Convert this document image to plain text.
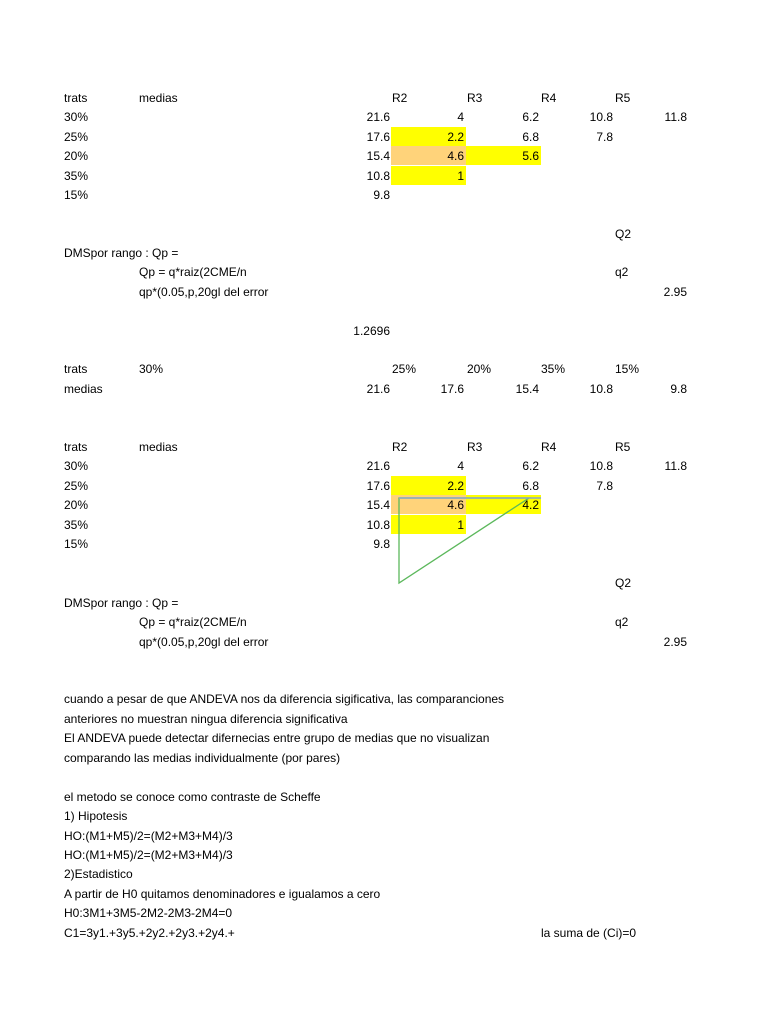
trats	medias	R2	R3	R4	R5
30%	21.6	4	6.2	10.8	11.8
25%	17.6	2.2	6.8	7.8
20%	15.4	4.6	5.6
35%	10.8	1
15%	9.8
Q2
DMSpor rango : Qp =
Qp = q*raiz(2CME/n	q2
qp*(0.05,p,20gl del error	2.95
1.2696
trats	30%	25%	20%	35%	15%
medias	21.6	17.6	15.4	10.8	9.8
trats	medias	R2	R3	R4	R5
30%	21.6	4	6.2	10.8	11.8
25%	17.6	2.2	6.8	7.8
20%	15.4	4.6	4.2
35%	10.8	1
15%	9.8
Q2
DMSpor rango : Qp =
Qp = q*raiz(2CME/n	q2
qp*(0.05,p,20gl del error	2.95
cuando a pesar de que ANDEVA nos da diferencia sigificativa, las comparanciones
anteriores no muestran ningua diferencia significativa
El ANDEVA puede detectar difernecias entre grupo de medias que no visualizan
comparando las medias individualmente (por pares)
el metodo se conoce como contraste de Scheffe
1) Hipotesis
HO:(M1+M5)/2=(M2+M3+M4)/3
HO:(M1+M5)/2=(M2+M3+M4)/3
2)Estadistico
A partir de H0 quitamos denominadores e igualamos a cero
H0:3M1+3M5-2M2-2M3-2M4=0
C1=3y1.+3y5.+2y2.+2y3.+2y4.+	la suma de (Ci)=0
